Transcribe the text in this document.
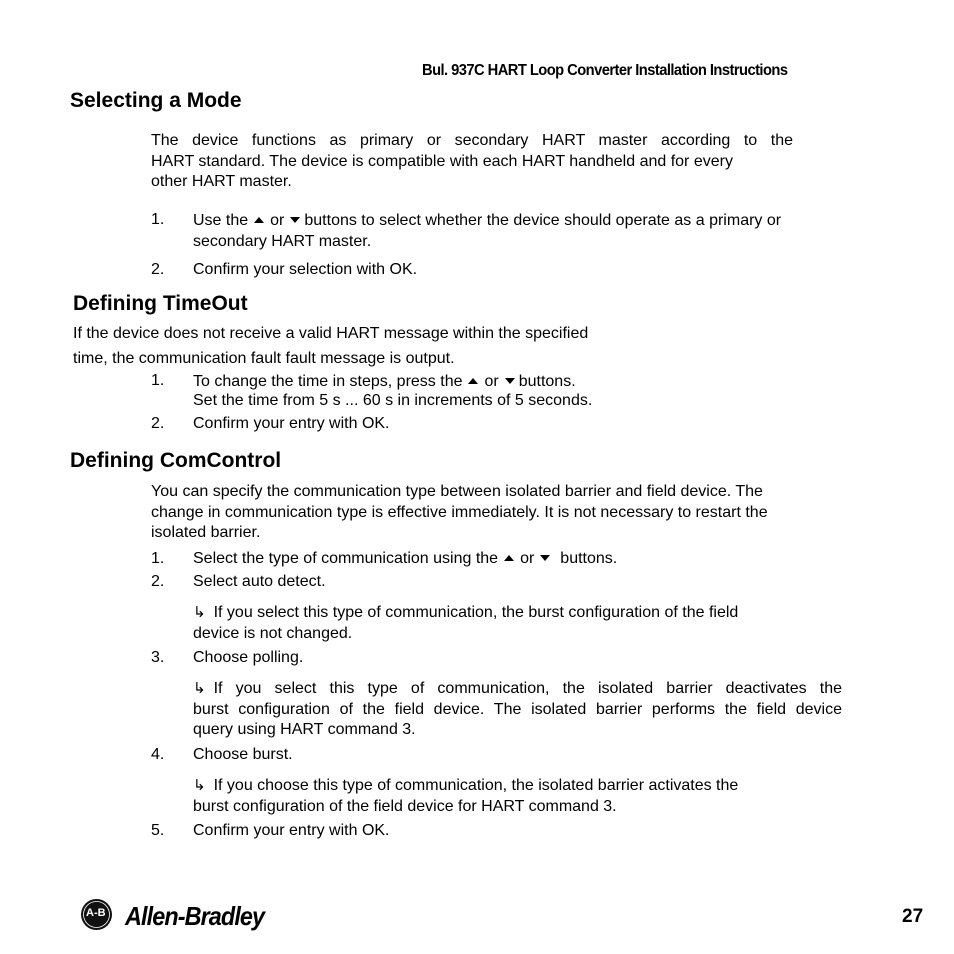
Bul. 937C HART Loop Converter Installation Instructions
Selecting a Mode
The device functions as primary or secondary HART master according to the
HART standard. The device is compatible with each HART handheld and for every
other HART master.
1. Use the or buttons to select whether the device should operate as a primary or
secondary HART master.
2. Confirm your selection with OK.
Defining TimeOut
If the device does not receive a valid HART message within the specified
time, the communication fault fault message is output.
1. To change the time in steps, press the or buttons.
Set the time from 5 s ... 60 s in increments of 5 seconds.
2. Confirm your entry with OK.
Defining ComControl
You can specify the communication type between isolated barrier and field device. The
change in communication type is effective immediately. It is not necessary to restart the
isolated barrier.
1. Select the type of communication using the or buttons.
2. Select auto detect.
↳ If you select this type of communication, the burst configuration of the field
device is not changed.
3. Choose polling.
↳ If you select this type of communication, the isolated barrier deactivates the
burst configuration of the field device. The isolated barrier performs the field device
query using HART command 3.
4. Choose burst.
↳ If you choose this type of communication, the isolated barrier activates the
burst configuration of the field device for HART command 3.
5. Confirm your entry with OK.
A-B Allen-Bradley	27
